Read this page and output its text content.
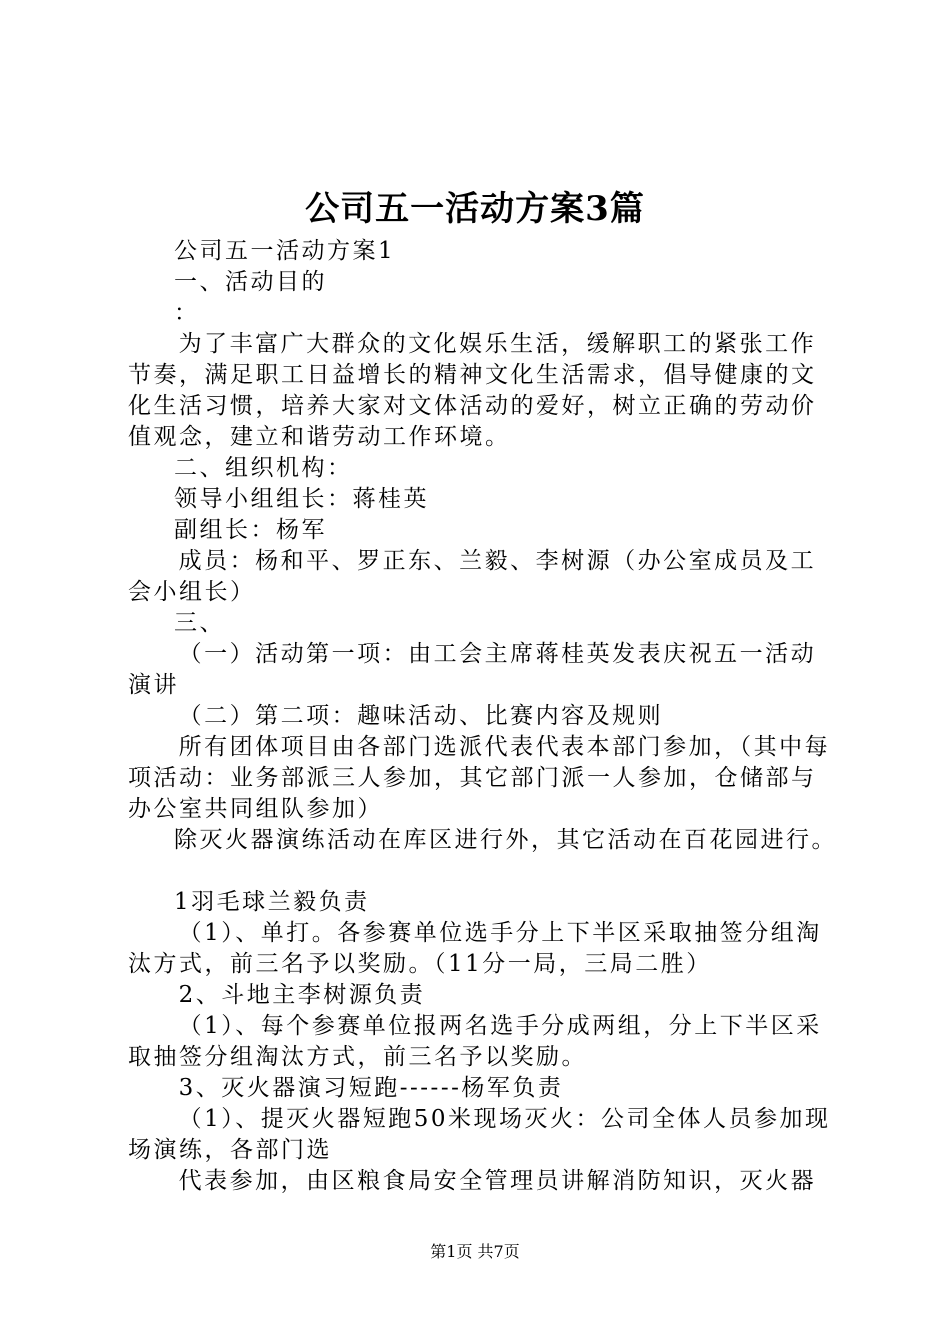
公司五一活动方案3篇

公司五一活动方案1

一、活动目的

：

为了丰富广大群众的文化娱乐生活，缓解职工的紧张工作节奏，满足职工日益增长的精神文化生活需求，倡导健康的文化生活习惯，培养大家对文体活动的爱好，树立正确的劳动价值观念，建立和谐劳动工作环境。

二、组织机构：

领导小组组长：蒋桂英

副组长：杨军

成员：杨和平、罗正东、兰毅、李树源（办公室成员及工会小组长）

三、

（一）活动第一项：由工会主席蒋桂英发表庆祝五一活动演讲

（二）第二项：趣味活动、比赛内容及规则

所有团体项目由各部门选派代表代表本部门参加，（其中每项活动：业务部派三人参加，其它部门派一人参加，仓储部与办公室共同组队参加）

除灭火器演练活动在库区进行外，其它活动在百花园进行。

1羽毛球兰毅负责

（1）、单打。各参赛单位选手分上下半区采取抽签分组淘汰方式，前三名予以奖励。（11分一局，三局二胜）

2、斗地主李树源负责

（1）、每个参赛单位报两名选手分成两组，分上下半区采取抽签分组淘汰方式，前三名予以奖励。

3、灭火器演习短跑------杨军负责

（1）、提灭火器短跑50米现场灭火：公司全体人员参加现场演练，各部门选

代表参加，由区粮食局安全管理员讲解消防知识，灭火器

第1页 共7页
